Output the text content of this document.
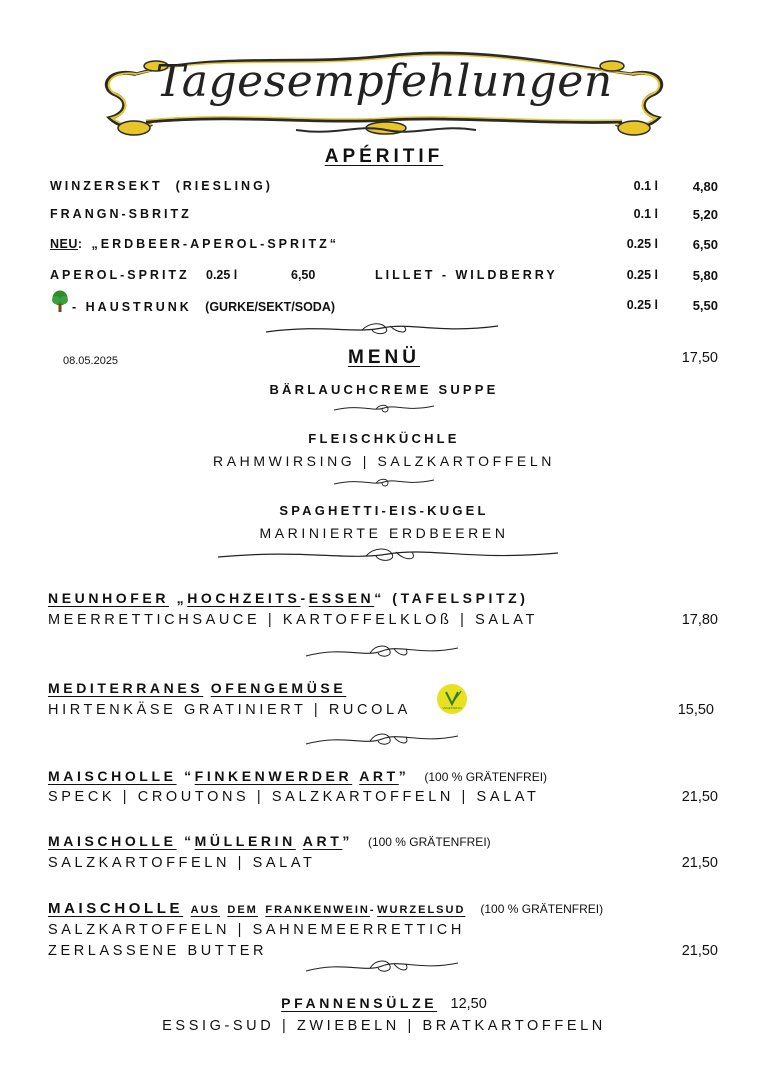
Tagesempfehlungen
APÉRITIF
WINZERSEKT (RIESLING)	0.1 l	4,80
FRANGN-SBRITZ	0.1 l	5,20
NEU: „ERDBEER-APEROL-SPRITZ“	0.25 l	6,50
APEROL-SPRITZ 0.25 l	6,50	LILLET - WILDBERRY	0.25 l	5,80
- HAUSTRUNK (GURKE/SEKT/SODA)	0.25 l	5,50
08.05.2025	MENÜ	17,50
BÄRLAUCHCREME SUPPE
FLEISCHKÜCHLE
RAHMWIRSING | SALZKARTOFFELN
SPAGHETTI-EIS-KUGEL
MARINIERTE ERDBEEREN
NEUNHOFER „HOCHZEITS-ESSEN“ (TAFELSPITZ)
MEERRETTICHSAUCE | KARTOFFELKLOß | SALAT	17,80
MEDITERRANES OFENGEMÜSE
HIRTENKÄSE GRATINIERT | RUCOLA	VEGETARIAN	15,50
MAISCHOLLE “FINKENWERDER ART” (100 % GRÄTENFREI)
SPECK | CROUTONS | SALZKARTOFFELN | SALAT	21,50
MAISCHOLLE “MÜLLERIN ART” (100 % GRÄTENFREI)
SALZKARTOFFELN | SALAT	21,50
MAISCHOLLE AUS DEM FRANKENWEIN-WURZELSUD (100 % GRÄTENFREI)
SALZKARTOFFELN | SAHNEMEERRETTICH
ZERLASSENE BUTTER	21,50
PFANNENSÜLZE 12,50
ESSIG-SUD | ZWIEBELN | BRATKARTOFFELN
